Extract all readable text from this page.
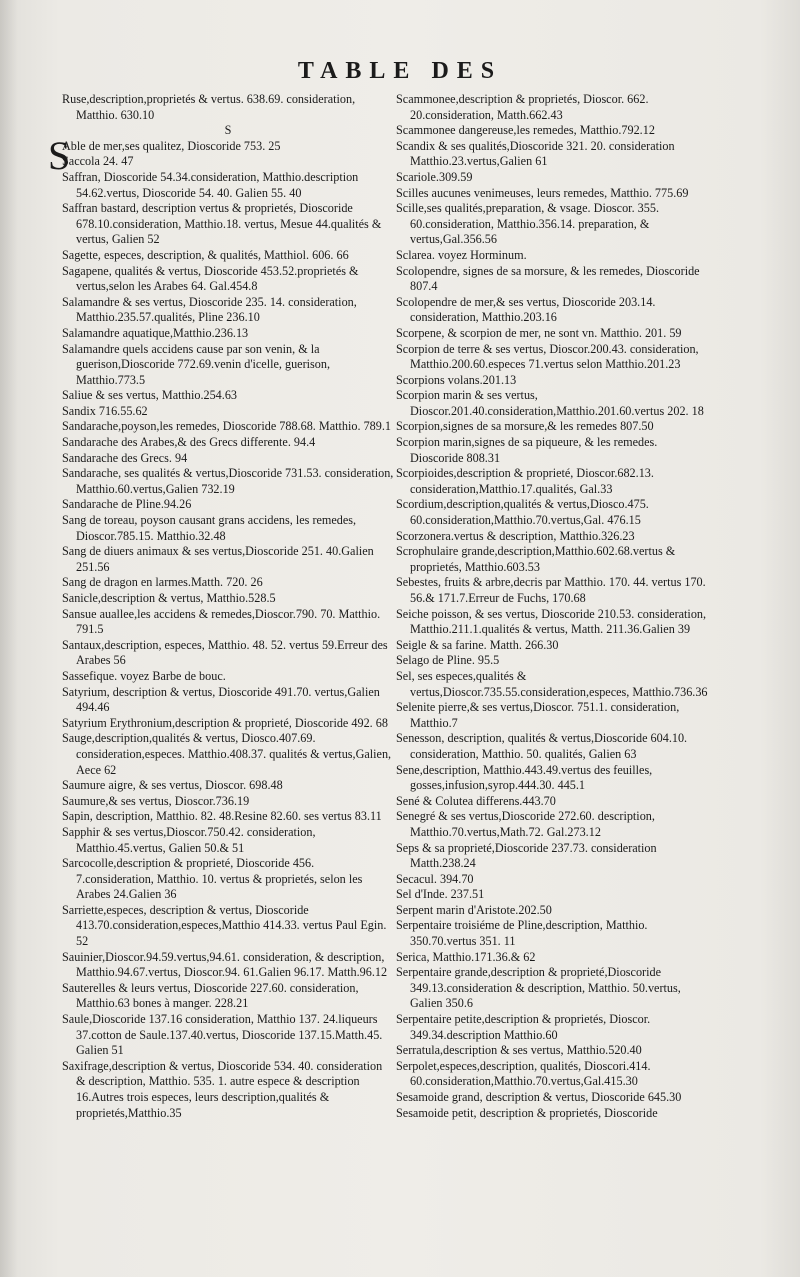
TABLE DES

Ruse,description,proprietés & vertus. 638.69. consideration, Matthio. 630.10

S

S
Able de mer,ses qualitez, Dioscoride 753. 25

Saccola 24. 47

Saffran, Dioscoride 54.34.consideration, Matthio.description 54.62.vertus, Dioscoride 54. 40. Galien 55. 40

Saffran bastard, description vertus & proprietés, Dioscoride 678.10.consideration, Matthio.18. vertus, Mesue 44.qualités & vertus, Galien 52

Sagette, especes, description, & qualités, Matthiol. 606. 66

Sagapene, qualités & vertus, Dioscoride 453.52.proprietés & vertus,selon les Arabes 64. Gal.454.8

Salamandre & ses vertus, Dioscoride 235. 14. consideration, Matthio.235.57.qualités, Pline 236.10

Salamandre aquatique,Matthio.236.13

Salamandre quels accidens cause par son venin, & la guerison,Dioscoride 772.69.venin d'icelle, guerison, Matthio.773.5

Saliue & ses vertus, Matthio.254.63

Sandix 716.55.62

Sandarache,poyson,les remedes, Dioscoride 788.68. Matthio. 789.1

Sandarache des Arabes,& des Grecs differente. 94.4

Sandarache des Grecs. 94

Sandarache, ses qualités & vertus,Dioscoride 731.53. consideration, Matthio.60.vertus,Galien 732.19

Sandarache de Pline.94.26

Sang de toreau, poyson causant grans accidens, les remedes, Dioscor.785.15. Matthio.32.48

Sang de diuers animaux & ses vertus,Dioscoride 251. 40.Galien 251.56

Sang de dragon en larmes.Matth. 720. 26

Sanicle,description & vertus, Matthio.528.5

Sansue auallee,les accidens & remedes,Dioscor.790. 70. Matthio. 791.5

Santaux,description, especes, Matthio. 48. 52. vertus 59.Erreur des Arabes 56

Sassefique. voyez Barbe de bouc.

Satyrium, description & vertus, Dioscoride 491.70. vertus,Galien 494.46

Satyrium Erythronium,description & proprieté, Dioscoride 492. 68

Sauge,description,qualités & vertus, Diosco.407.69. consideration,especes. Matthio.408.37. qualités & vertus,Galien, Aece 62

Saumure aigre, & ses vertus, Dioscor. 698.48

Saumure,& ses vertus, Dioscor.736.19

Sapin, description, Matthio. 82. 48.Resine 82.60. ses vertus 83.11

Sapphir & ses vertus,Dioscor.750.42. consideration, Matthio.45.vertus, Galien 50.& 51

Sarcocolle,description & proprieté, Dioscoride 456. 7.consideration, Matthio. 10. vertus & proprietés, selon les Arabes 24.Galien 36

Sarriette,especes, description & vertus, Dioscoride 413.70.consideration,especes,Matthio 414.33. vertus Paul Egin. 52

Sauinier,Dioscor.94.59.vertus,94.61. consideration, & description, Matthio.94.67.vertus, Dioscor.94. 61.Galien 96.17. Matth.96.12

Sauterelles & leurs vertus, Dioscoride 227.60. consideration, Matthio.63 bones à manger. 228.21

Saule,Dioscoride 137.16 consideration, Matthio 137. 24.liqueurs 37.cotton de Saule.137.40.vertus, Dioscoride 137.15.Matth.45. Galien 51

Saxifrage,description & vertus, Dioscoride 534. 40. consideration & description, Matthio. 535. 1. autre espece & description 16.Autres trois especes, leurs description,qualités & proprietés,Matthio.35

Scammonee,description & proprietés, Dioscor. 662. 20.consideration, Matth.662.43

Scammonee dangereuse,les remedes, Matthio.792.12

Scandix & ses qualités,Dioscoride 321. 20. consideration Matthio.23.vertus,Galien 61

Scariole.309.59

Scilles aucunes venimeuses, leurs remedes, Matthio. 775.69

Scille,ses qualités,preparation, & vsage. Dioscor. 355. 60.consideration, Matthio.356.14. preparation, & vertus,Gal.356.56

Sclarea. voyez Horminum.

Scolopendre, signes de sa morsure, & les remedes, Dioscoride 807.4

Scolopendre de mer,& ses vertus, Dioscoride 203.14. consideration, Matthio.203.16

Scorpene, & scorpion de mer, ne sont vn. Matthio. 201. 59

Scorpion de terre & ses vertus, Dioscor.200.43. consideration, Matthio.200.60.especes 71.vertus selon Matthio.201.23

Scorpions volans.201.13

Scorpion marin & ses vertus, Dioscor.201.40.consideration,Matthio.201.60.vertus 202. 18

Scorpion,signes de sa morsure,& les remedes 807.50

Scorpion marin,signes de sa piqueure, & les remedes. Dioscoride 808.31

Scorpioides,description & proprieté, Dioscor.682.13. consideration,Matthio.17.qualités, Gal.33

Scordium,description,qualités & vertus,Diosco.475. 60.consideration,Matthio.70.vertus,Gal. 476.15

Scorzonera.vertus & description, Matthio.326.23

Scrophulaire grande,description,Matthio.602.68.vertus & proprietés, Matthio.603.53

Sebestes, fruits & arbre,decris par Matthio. 170. 44. vertus 170. 56.& 171.7.Erreur de Fuchs, 170.68

Seiche poisson, & ses vertus, Dioscoride 210.53. consideration, Matthio.211.1.qualités & vertus, Matth. 211.36.Galien 39

Seigle & sa farine. Matth. 266.30

Selago de Pline. 95.5

Sel, ses especes,qualités & vertus,Dioscor.735.55.consideration,especes, Matthio.736.36

Selenite pierre,& ses vertus,Dioscor. 751.1. consideration, Matthio.7

Senesson, description, qualités & vertus,Dioscoride 604.10. consideration, Matthio. 50. qualités, Galien 63

Sene,description, Matthio.443.49.vertus des feuilles, gosses,infusion,syrop.444.30. 445.1

Sené & Colutea differens.443.70

Senegré & ses vertus,Dioscoride 272.60. description, Matthio.70.vertus,Math.72. Gal.273.12

Seps & sa proprieté,Dioscoride 237.73. consideration Matth.238.24

Secacul. 394.70

Sel d'Inde. 237.51

Serpent marin d'Aristote.202.50

Serpentaire troisiéme de Pline,description, Matthio. 350.70.vertus 351. 11

Serica, Matthio.171.36.& 62

Serpentaire grande,description & proprieté,Dioscoride 349.13.consideration & description, Matthio. 50.vertus, Galien 350.6

Serpentaire petite,description & proprietés, Dioscor. 349.34.description Matthio.60

Serratula,description & ses vertus, Matthio.520.40

Serpolet,especes,description, qualités, Dioscori.414. 60.consideration,Matthio.70.vertus,Gal.415.30

Sesamoide grand, description & vertus, Dioscoride 645.30

Sesamoide petit, description & proprietés, Dioscoride
